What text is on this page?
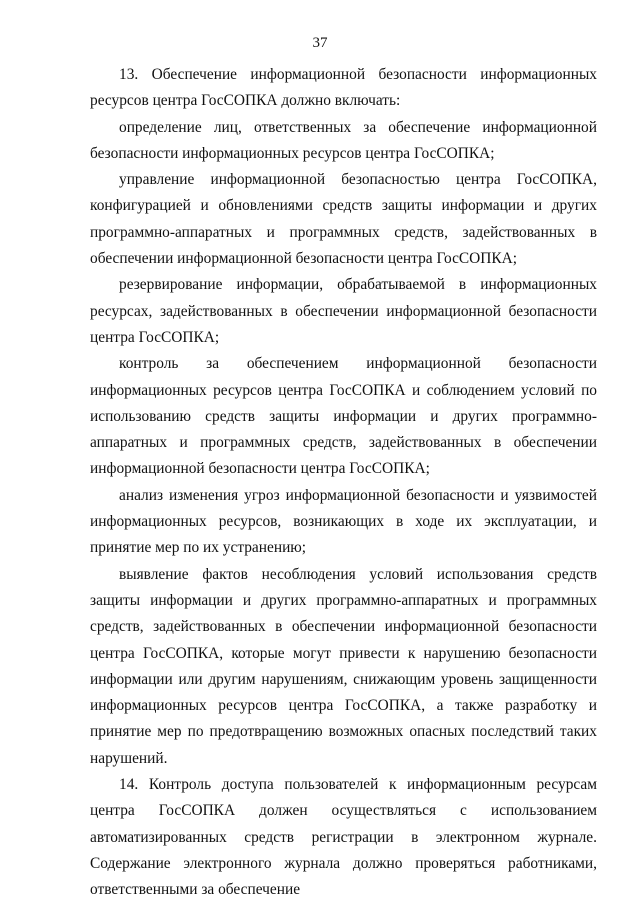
37

13. Обеспечение информационной безопасности информационных ресурсов центра ГосСОПКА должно включать:

определение лиц, ответственных за обеспечение информационной безопасности информационных ресурсов центра ГосСОПКА;

управление информационной безопасностью центра ГосСОПКА, конфигурацией и обновлениями средств защиты информации и других программно-аппаратных и программных средств, задействованных в обеспечении информационной безопасности центра ГосСОПКА;

резервирование информации, обрабатываемой в информационных ресурсах, задействованных в обеспечении информационной безопасности центра ГосСОПКА;

контроль за обеспечением информационной безопасности информационных ресурсов центра ГосСОПКА и соблюдением условий по использованию средств защиты информации и других программно-аппаратных и программных средств, задействованных в обеспечении информационной безопасности центра ГосСОПКА;

анализ изменения угроз информационной безопасности и уязвимостей информационных ресурсов, возникающих в ходе их эксплуатации, и принятие мер по их устранению;

выявление фактов несоблюдения условий использования средств защиты информации и других программно-аппаратных и программных средств, задействованных в обеспечении информационной безопасности центра ГосСОПКА, которые могут привести к нарушению безопасности информации или другим нарушениям, снижающим уровень защищенности информационных ресурсов центра ГосСОПКА, а также разработку и принятие мер по предотвращению возможных опасных последствий таких нарушений.

14. Контроль доступа пользователей к информационным ресурсам центра ГосСОПКА должен осуществляться с использованием автоматизированных средств регистрации в электронном журнале. Содержание электронного журнала должно проверяться работниками, ответственными за обеспечение
